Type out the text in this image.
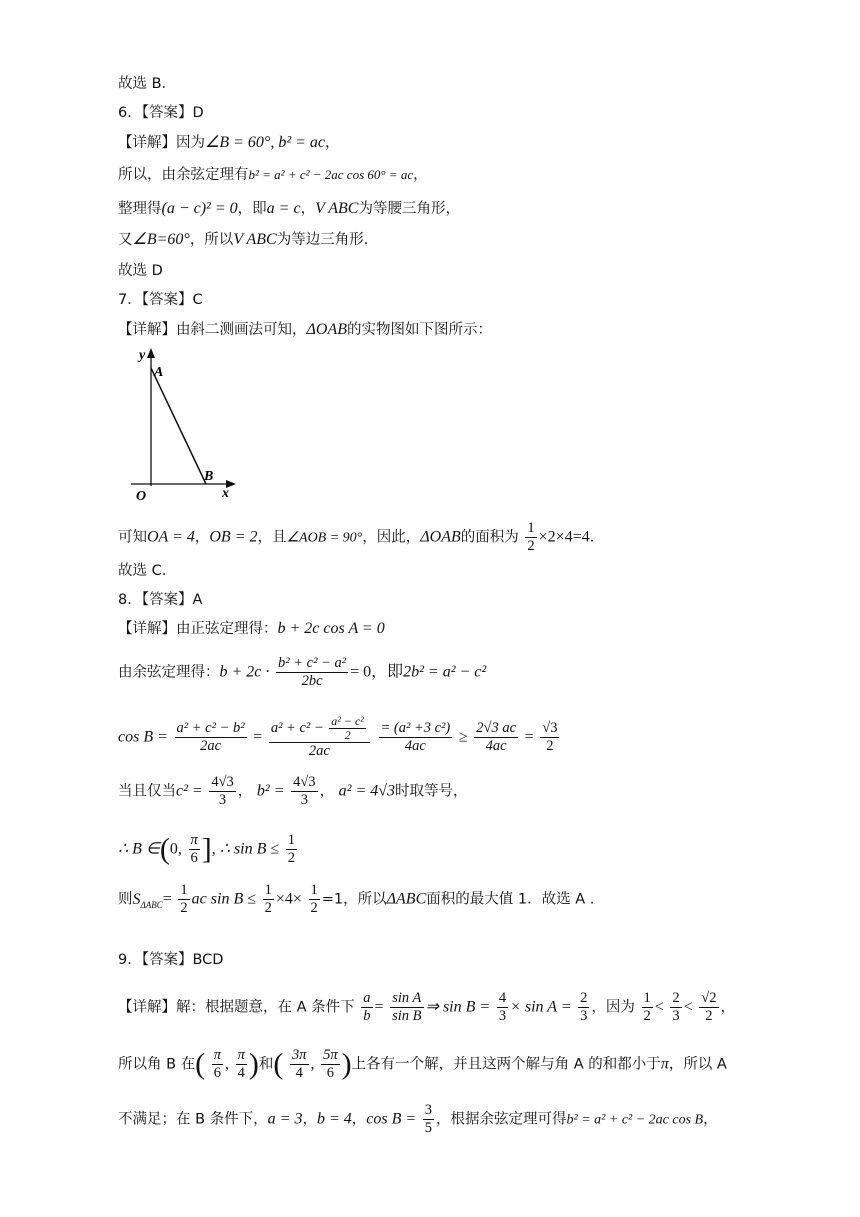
故选 B．
6．【答案】D
【详解】因为∠B = 60°, b² = ac，
所以，由余弦定理有b² = a² + c² − 2ac cos 60° = ac，
整理得(a − c)² = 0，即a = c，V ABC为等腰三角形，
又∠B=60°，所以V ABC为等边三角形.
故选 D
7．【答案】C
【详解】由斜二测画法可知，ΔOAB的实物图如下图所示：
y
A
B
O	x
可知OA = 4，OB = 2，且∠AOB = 90°，因此，ΔOAB的面积为 $\frac{1}{2} \times 2\times 4=4$．
故选 C.
8．【答案】A
【详解】由正弦定理得：b + 2c cos A = 0
由余弦定理得：$b + 2c \cdot \frac{\text{b² + c² − a²}}{2bc} = 0$，即2b² = a² − c²
$\cos B = \frac{\text{a² + c² − b²}}{2ac} = \frac{a^2 + c^2 - \frac{\text{a² − c²}}{2}}{2ac}$
$\frac{\text{= (a² +3 c²)}}{4ac} \ge \frac{2√3 ac}{4ac} = \frac{√3}{2}$
当且仅当$c^2 = \frac{4√3}{3}$ ， $b^2 = \frac{4√3}{3}$ ， a² = 4√3时取等号，
∴ B ∈(0, $\frac{\pi}{6}$ ], ∴ $\sin B \le \frac{1}{2}$
则$S_{\Delta ABC}= \frac{1}{2}$ ac $\sin B \le \frac{1}{2} \times 4\times \frac{1}{2} =1$，所以ΔABC面积的最大值 1．故选 A .
9．【答案】BCD
【详解】解：根据题意，在 A 条件下 $\frac{a}{b} = \frac{\text{sin A}}{\text{sin B}}$ ⇒ $\sin B = \frac{4}{3} \times \sin A = \frac{2}{3}$ ，因为 $\frac{1}{2} < \frac{2}{3} < \frac{√2}{2}$ ，
所以角 B 在( $\frac{\pi}{6}$ , $\frac{\pi}{4}$ )和( $\frac{3\pi}{4}$ , $\frac{5\pi}{6}$ )上各有一个解，并且这两个解与角 A 的和都小于π，所以 A
不满足；在 B 条件下，a = 3，b = 4，$\cos B = \frac{3}{5}$ ，根据余弦定理可得b² = a² + c² − 2ac cos B，
